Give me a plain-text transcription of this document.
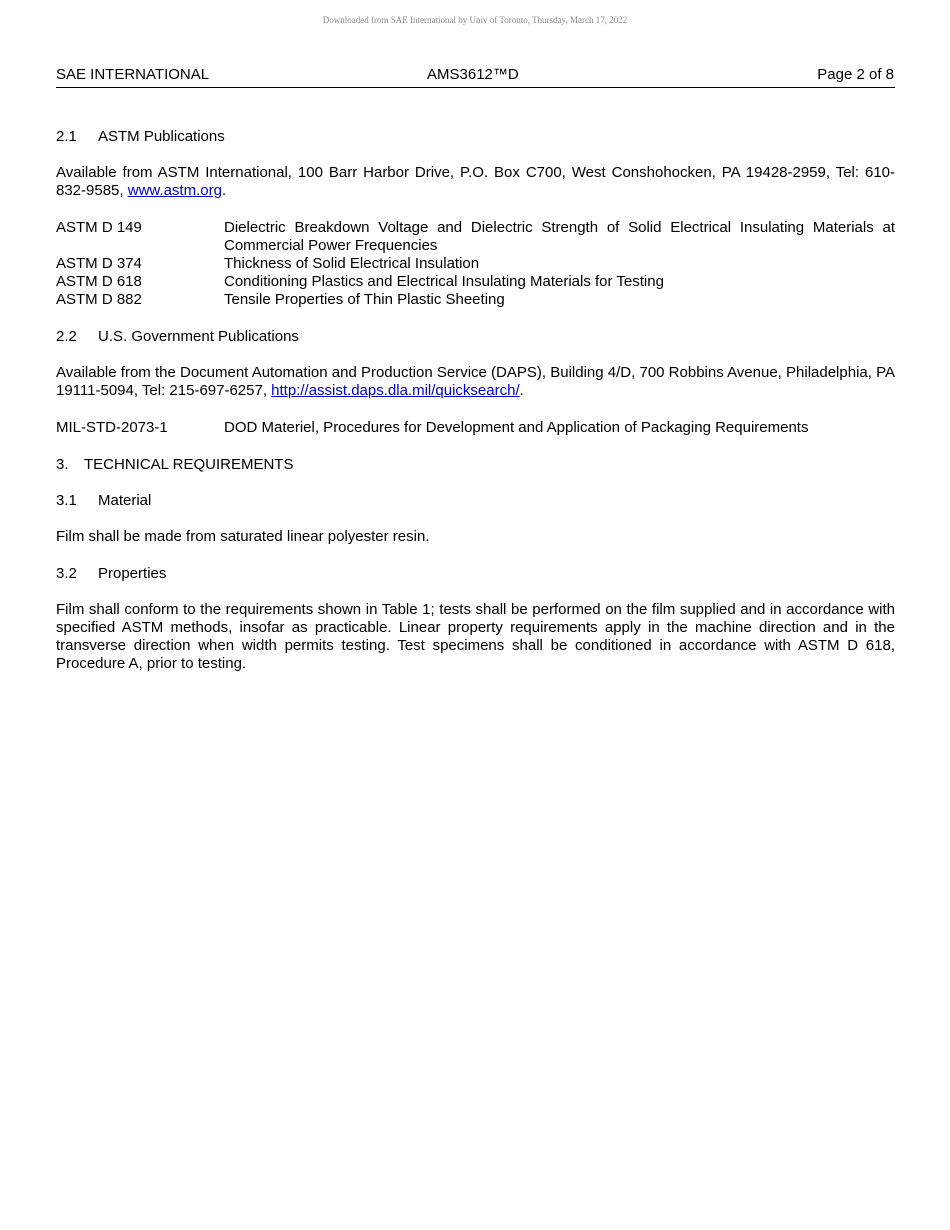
Downloaded from SAE International by Univ of Toronto, Thursday, March 17, 2022
SAE INTERNATIONAL	AMS3612™D	Page 2 of 8
2.1 ASTM Publications
Available from ASTM International, 100 Barr Harbor Drive, P.O. Box C700, West Conshohocken, PA 19428-2959, Tel: 610-832-9585, www.astm.org.
ASTM D 149	Dielectric Breakdown Voltage and Dielectric Strength of Solid Electrical Insulating Materials at Commercial Power Frequencies
ASTM D 374	Thickness of Solid Electrical Insulation
ASTM D 618	Conditioning Plastics and Electrical Insulating Materials for Testing
ASTM D 882	Tensile Properties of Thin Plastic Sheeting
2.2 U.S. Government Publications
Available from the Document Automation and Production Service (DAPS), Building 4/D, 700 Robbins Avenue, Philadelphia, PA 19111-5094, Tel: 215-697-6257, http://assist.daps.dla.mil/quicksearch/.
MIL-STD-2073-1	DOD Materiel, Procedures for Development and Application of Packaging Requirements
3. TECHNICAL REQUIREMENTS
3.1 Material
Film shall be made from saturated linear polyester resin.
3.2 Properties
Film shall conform to the requirements shown in Table 1; tests shall be performed on the film supplied and in accordance with specified ASTM methods, insofar as practicable. Linear property requirements apply in the machine direction and in the transverse direction when width permits testing. Test specimens shall be conditioned in accordance with ASTM D 618, Procedure A, prior to testing.
